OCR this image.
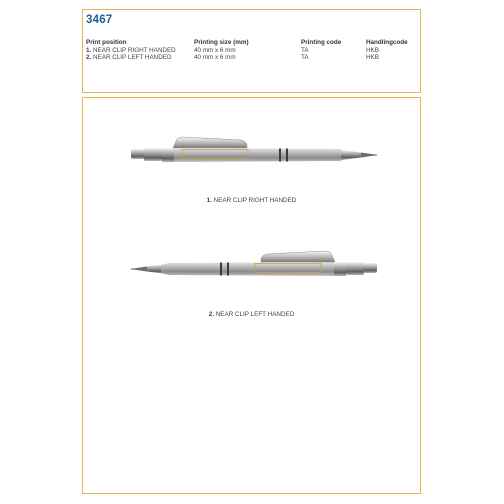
3467
Print position
1. NEAR CLIP RIGHT HANDED
2. NEAR CLIP LEFT HANDED
Printing size (mm)
40 mm x 6 mm
40 mm x 6 mm
Printing code
TA
TA
Handlingcode
HKB
HKB
1. NEAR CLIP RIGHT HANDED
2. NEAR CLIP LEFT HANDED
